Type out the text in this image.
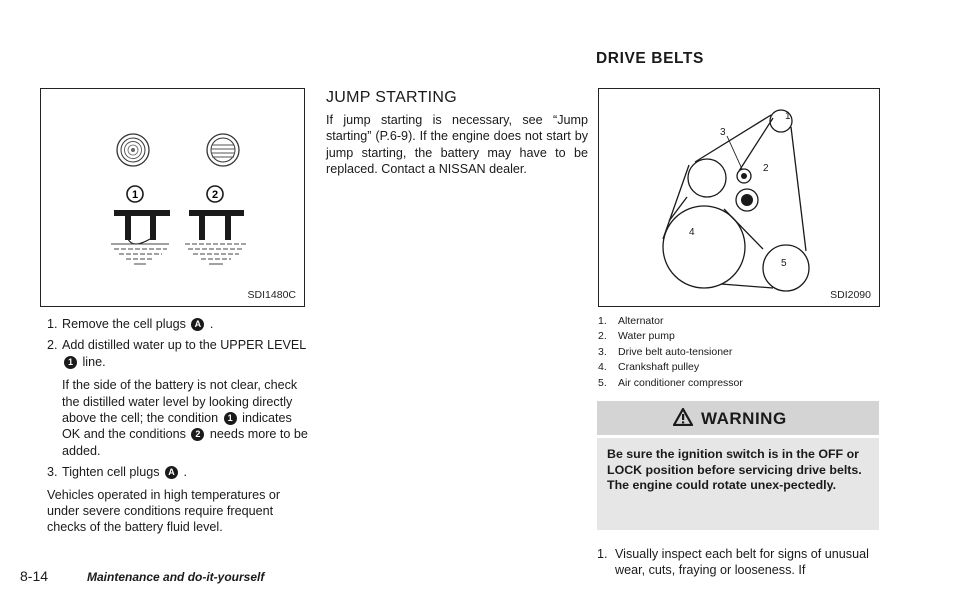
1	2
SDI1480C
1. Remove the cell plugs A .
2. Add distilled water up to the UPPER LEVEL 1 line.
If the side of the battery is not clear, check the distilled water level by looking directly above the cell; the condition 1 indicates OK and the conditions 2 needs more to be added.
3. Tighten cell plugs A .
Vehicles operated in high temperatures or under severe conditions require frequent checks of the battery fluid level.
JUMP STARTING
If jump starting is necessary, see “Jump starting” (P.6-9). If the engine does not start by jump starting, the battery may have to be replaced. Contact a NISSAN dealer.
DRIVE BELTS
1
2
3
4
5
SDI2090
1. Alternator
2. Water pump
3. Drive belt auto-tensioner
4. Crankshaft pulley
5. Air conditioner compressor
WARNING
Be sure the ignition switch is in the OFF or LOCK position before servicing drive belts. The engine could rotate unex-pectedly.
1. Visually inspect each belt for signs of unusual wear, cuts, fraying or looseness. If
8-14	Maintenance and do-it-yourself
